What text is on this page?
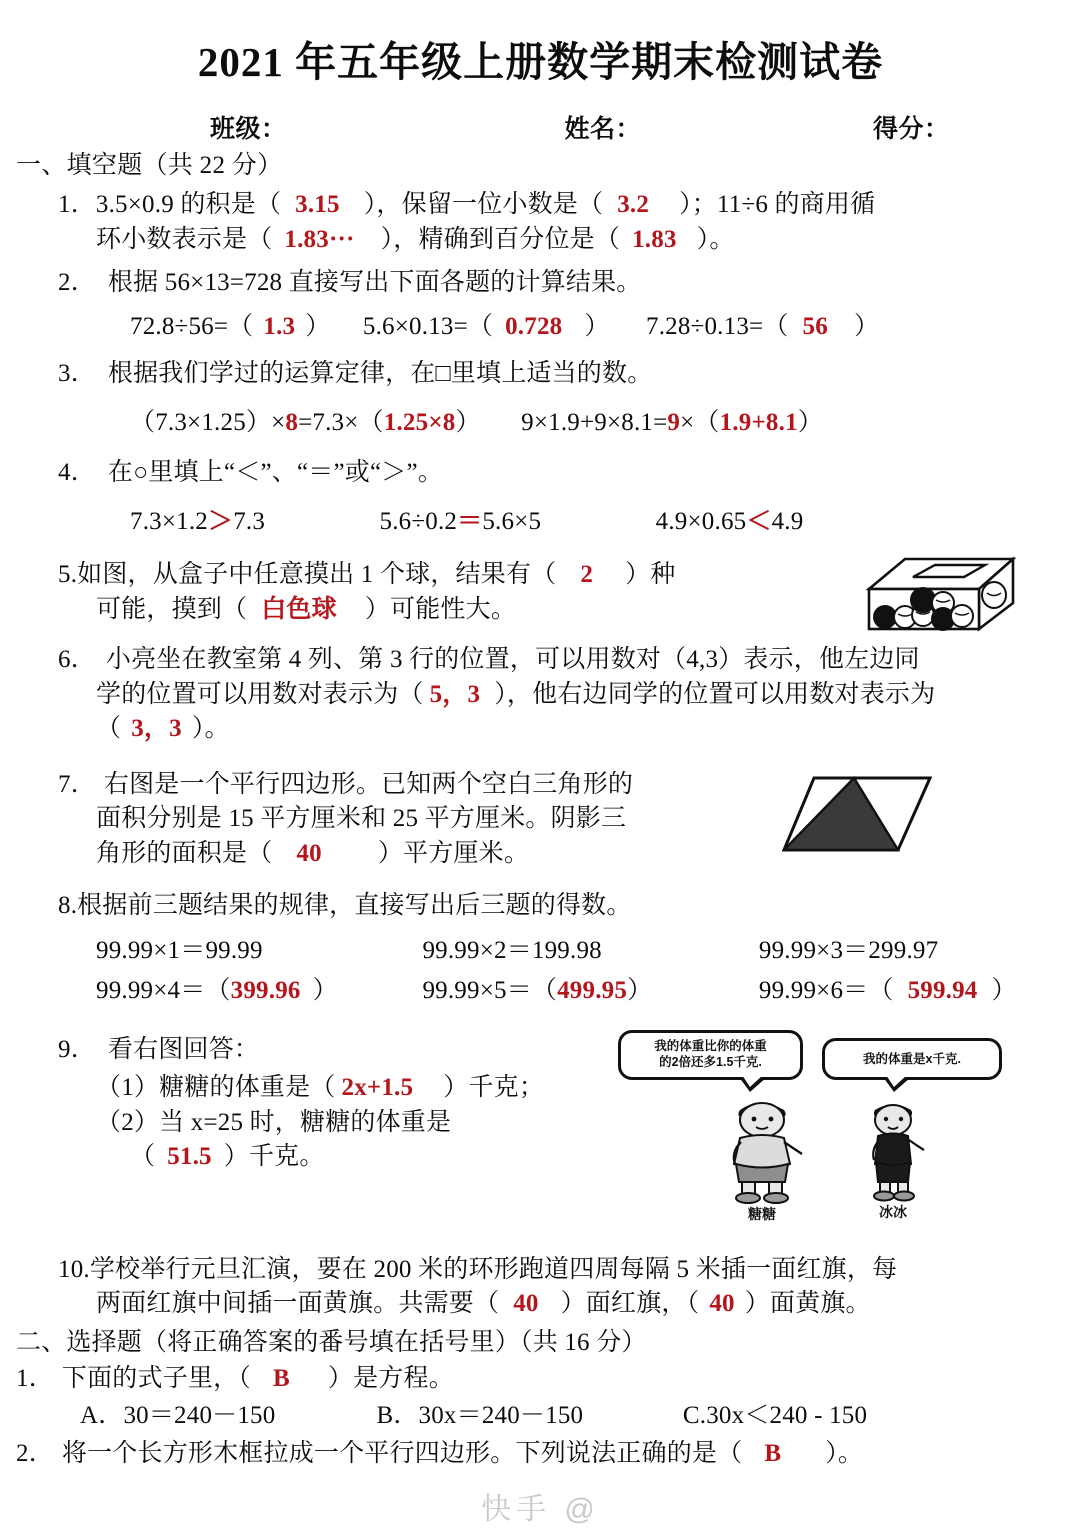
2021 年五年级上册数学期末检测试卷
班级：	姓名：	得分：
一、填空题（共 22 分）
1．3.5×0.9 的积是（ 3.15 ），保留一位小数是（ 3.2 ）；11÷6 的商用循
环小数表示是（ 1.83··· ），精确到百分位是（ 1.83 ）。
2． 根据 56×13=728 直接写出下面各题的计算结果。
72.8÷56=（ 1.3 ） 5.6×0.13=（ 0.728 ） 7.28÷0.13=（ 56 ）
3． 根据我们学过的运算定律，在□里填上适当的数。
（7.3×1.25）×8=7.3×（1.25×8） 9×1.9+9×8.1=9×（1.9+8.1）
4． 在○里填上“＜”、“＝”或“＞”。
7.3×1.2＞7.3	5.6÷0.2＝5.6×5	4.9×0.65＜4.9
5.如图，从盒子中任意摸出 1 个球，结果有（ 2 ）种
可能，摸到（ 白色球 ）可能性大。
6． 小亮坐在教室第 4 列、第 3 行的位置，可以用数对（4,3）表示，他左边同
学的位置可以用数对表示为（ 5，3 ），他右边同学的位置可以用数对表示为
（ 3，3 ）。
7． 右图是一个平行四边形。已知两个空白三角形的
面积分别是 15 平方厘米和 25 平方厘米。阴影三
角形的面积是（ 40 ）平方厘米。
8.根据前三题结果的规律，直接写出后三题的得数。
99.99×1＝99.99	99.99×2＝199.98	99.99×3＝299.97
99.99×4＝（399.96 ）	99.99×5＝（499.95）	99.99×6＝（ 599.94 ）
9． 看右图回答：
（1）糖糖的体重是（ 2x+1.5 ）千克；
（2）当 x=25 时，糖糖的体重是
（ 51.5 ）千克。
我的体重比你的体重
的2倍还多1.5千克.	我的体重是x千克.
糖糖	冰冰
10.学校举行元旦汇演，要在 200 米的环形跑道四周每隔 5 米插一面红旗，每
两面红旗中间插一面黄旗。共需要（ 40 ）面红旗，（ 40 ）面黄旗。
二、选择题（将正确答案的番号填在括号里）（共 16 分）
1． 下面的式子里，（ B ）是方程。
A．30＝240－150	B．30x＝240－150	C.30x＜240 - 150
2． 将一个长方形木框拉成一个平行四边形。下列说法正确的是（ B ）。
快手 @
